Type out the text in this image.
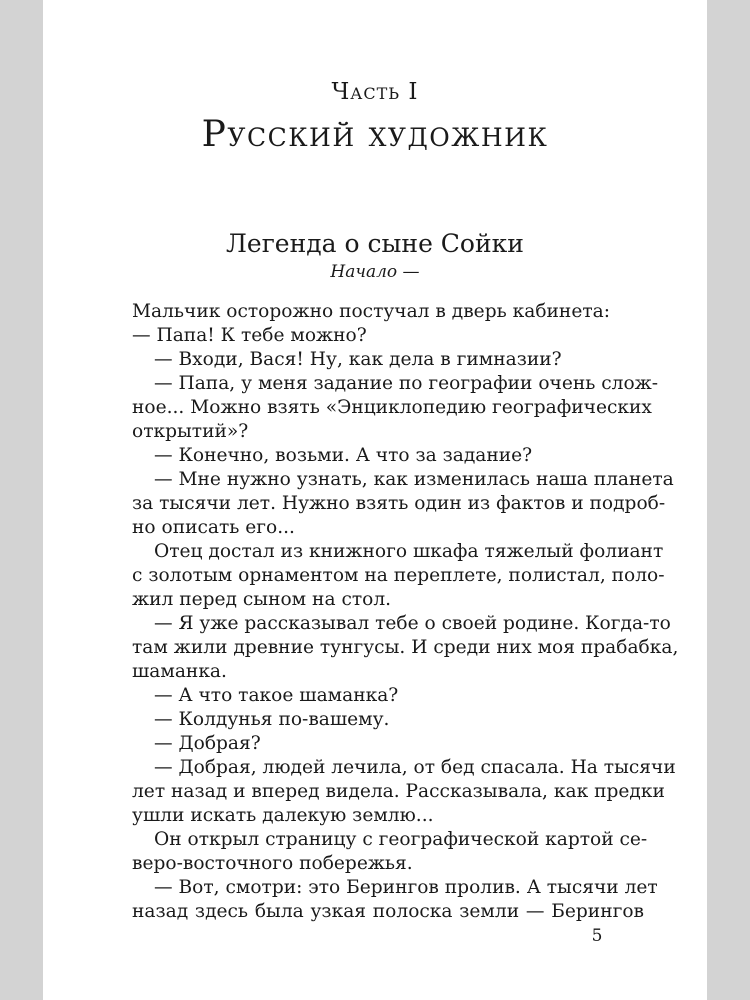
Часть I
Русский художник
Легенда о сыне Сойки
Начало —
Мальчик осторожно постучал в дверь кабинета:
— Папа! К тебе можно?
— Входи, Вася! Ну, как дела в гимназии?
— Папа, у меня задание по географии очень слож-
ное... Можно взять «Энциклопедию географических
открытий»?
— Конечно, возьми. А что за задание?
— Мне нужно узнать, как изменилась наша планета
за тысячи лет. Нужно взять один из фактов и подроб-
но описать его...
Отец достал из книжного шкафа тяжелый фолиант
с золотым орнаментом на переплете, полистал, поло-
жил перед сыном на стол.
— Я уже рассказывал тебе о своей родине. Когда-то
там жили древние тунгусы. И среди них моя прабабка,
шаманка.
— А что такое шаманка?
— Колдунья по-вашему.
— Добрая?
— Добрая, людей лечила, от бед спасала. На тысячи
лет назад и вперед видела. Рассказывала, как предки
ушли искать далекую землю...
Он открыл страницу с географической картой се-
веро-восточного побережья.
— Вот, смотри: это Берингов пролив. А тысячи лет
назад здесь была узкая полоска земли — Берингов
5
